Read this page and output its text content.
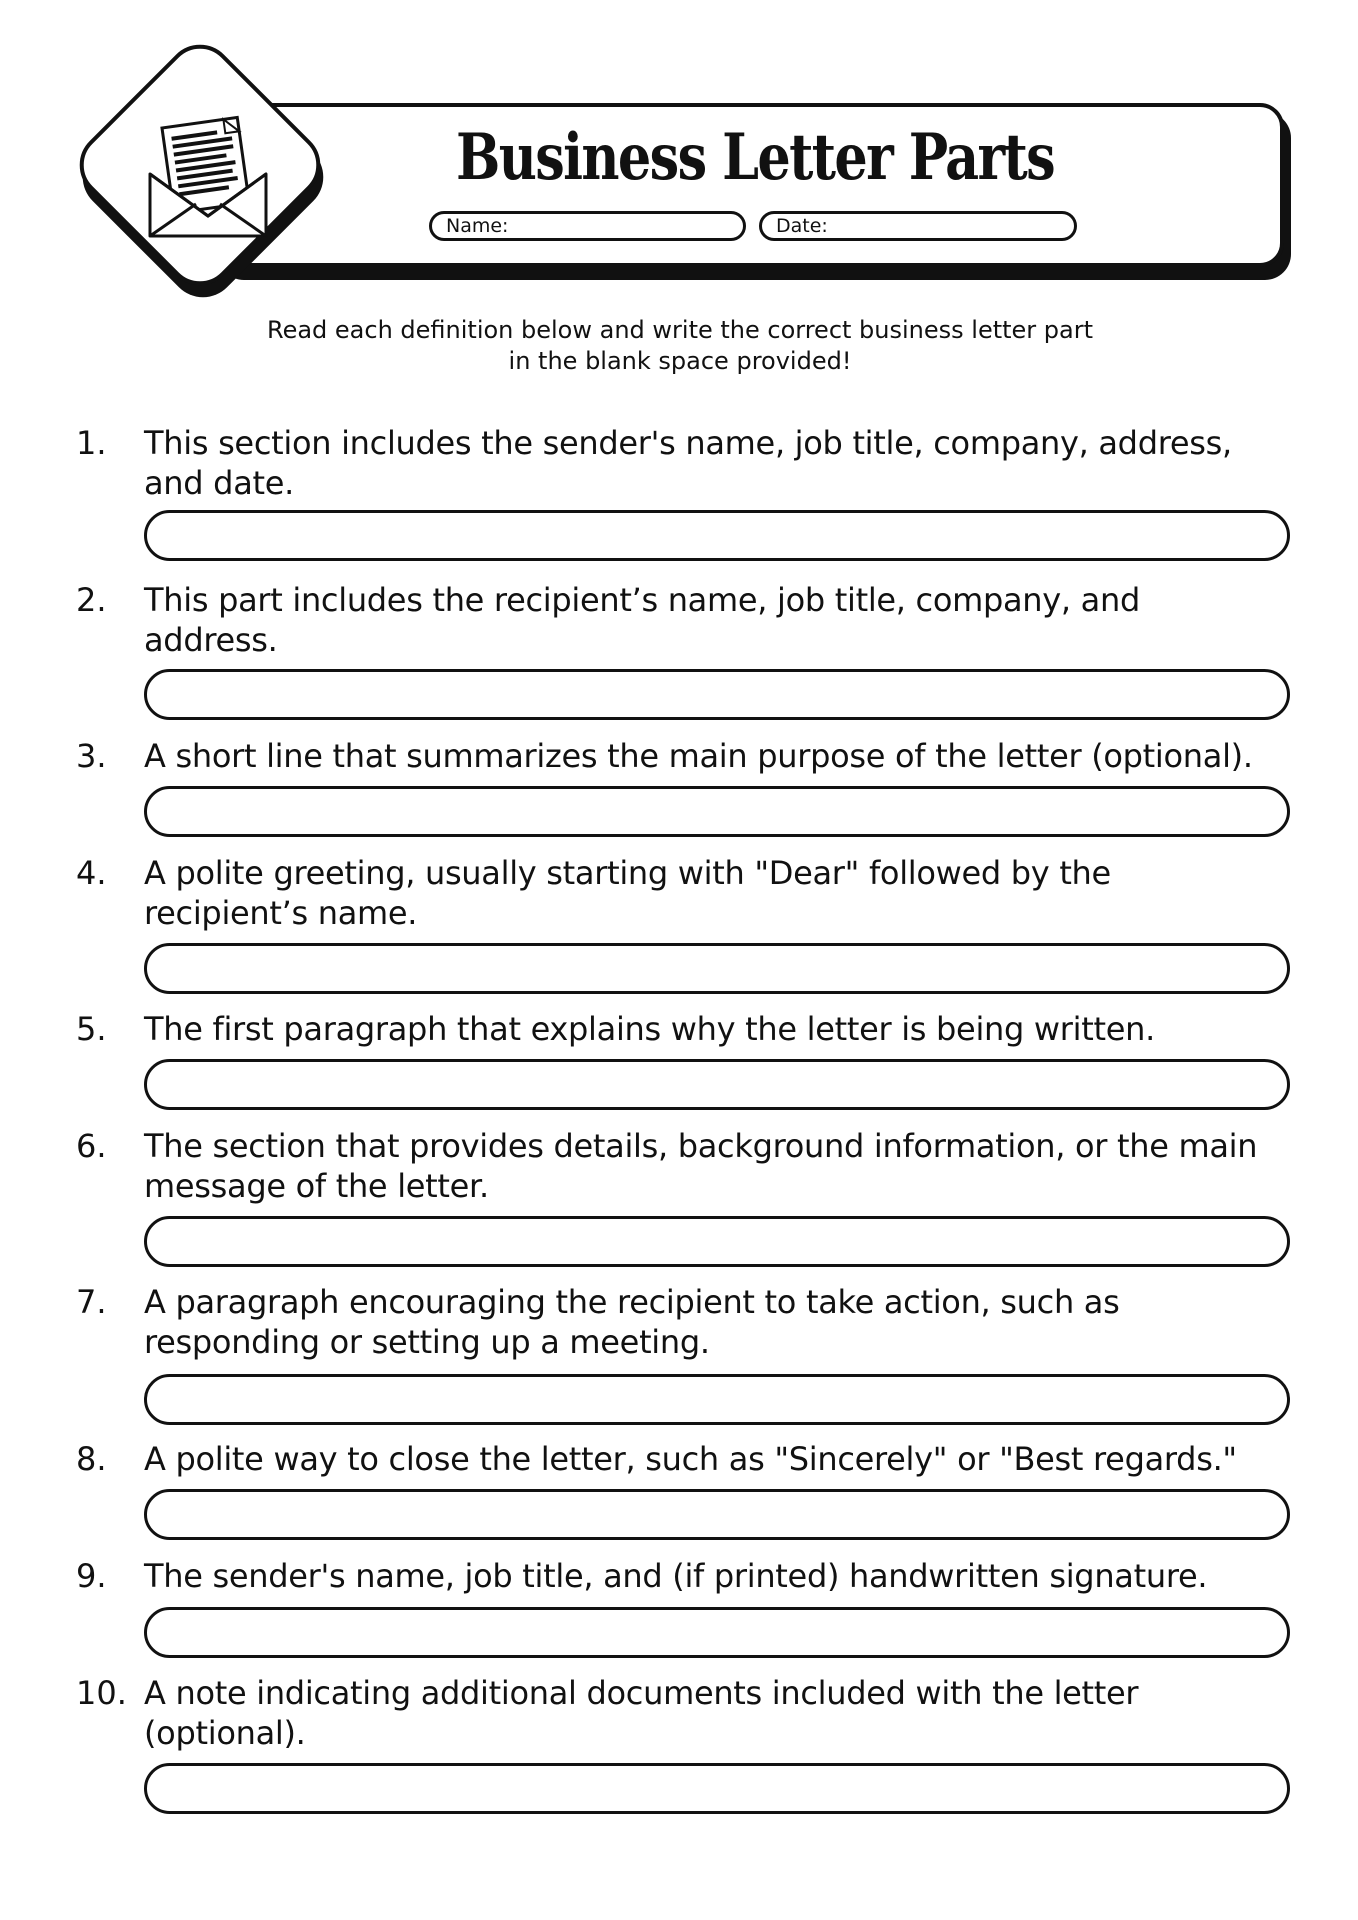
Business Letter Parts
Name:	Date:
Read each definition below and write the correct business letter part
in the blank space provided!
1. This section includes the sender's name, job title, company, address,
and date.
2. This part includes the recipient’s name, job title, company, and
address.
3. A short line that summarizes the main purpose of the letter (optional).
4. A polite greeting, usually starting with "Dear" followed by the
recipient’s name.
5. The first paragraph that explains why the letter is being written.
6. The section that provides details, background information, or the main
message of the letter.
7. A paragraph encouraging the recipient to take action, such as
responding or setting up a meeting.
8. A polite way to close the letter, such as "Sincerely" or "Best regards."
9. The sender's name, job title, and (if printed) handwritten signature.
10. A note indicating additional documents included with the letter
(optional).
